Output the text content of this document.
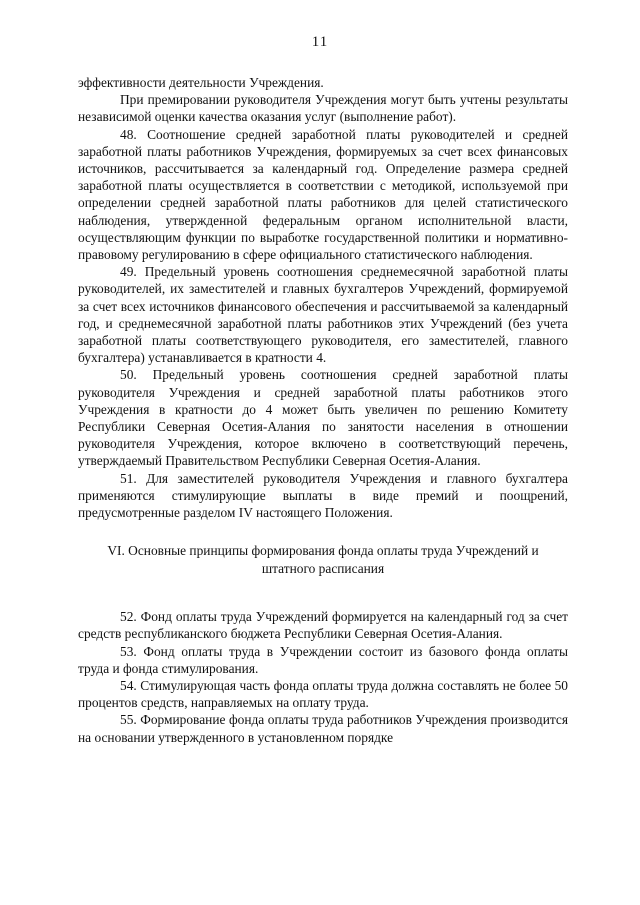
11

эффективности деятельности Учреждения.

При премировании руководителя Учреждения могут быть учтены результаты независимой оценки качества оказания услуг (выполнение работ).

48. Соотношение средней заработной платы руководителей и средней заработной платы работников Учреждения, формируемых за счет всех финансовых источников, рассчитывается за календарный год. Определение размера средней заработной платы осуществляется в соответствии с методикой, используемой при определении средней заработной платы работников для целей статистического наблюдения, утвержденной федеральным органом исполнительной власти, осуществляющим функции по выработке государственной политики и нормативно-правовому регулированию в сфере официального статистического наблюдения.

49. Предельный уровень соотношения среднемесячной заработной платы руководителей, их заместителей и главных бухгалтеров Учреждений, формируемой за счет всех источников финансового обеспечения и рассчитываемой за календарный год, и среднемесячной заработной платы работников этих Учреждений (без учета заработной платы соответствующего руководителя, его заместителей, главного бухгалтера) устанавливается в кратности 4.

50. Предельный уровень соотношения средней заработной платы руководителя Учреждения и средней заработной платы работников этого Учреждения в кратности до 4 может быть увеличен по решению Комитету Республики Северная Осетия-Алания по занятости населения в отношении руководителя Учреждения, которое включено в соответствующий перечень, утверждаемый Правительством Республики Северная Осетия-Алания.

51. Для заместителей руководителя Учреждения и главного бухгалтера применяются стимулирующие выплаты в виде премий и поощрений, предусмотренные разделом IV настоящего Положения.

VI. Основные принципы формирования фонда оплаты труда Учреждений и
штатного расписания

52. Фонд оплаты труда Учреждений формируется на календарный год за счет средств республиканского бюджета Республики Северная Осетия-Алания.

53. Фонд оплаты труда в Учреждении состоит из базового фонда оплаты труда и фонда стимулирования.

54. Стимулирующая часть фонда оплаты труда должна составлять не более 50 процентов средств, направляемых на оплату труда.

55. Формирование фонда оплаты труда работников Учреждения производится на основании утвержденного в установленном порядке
